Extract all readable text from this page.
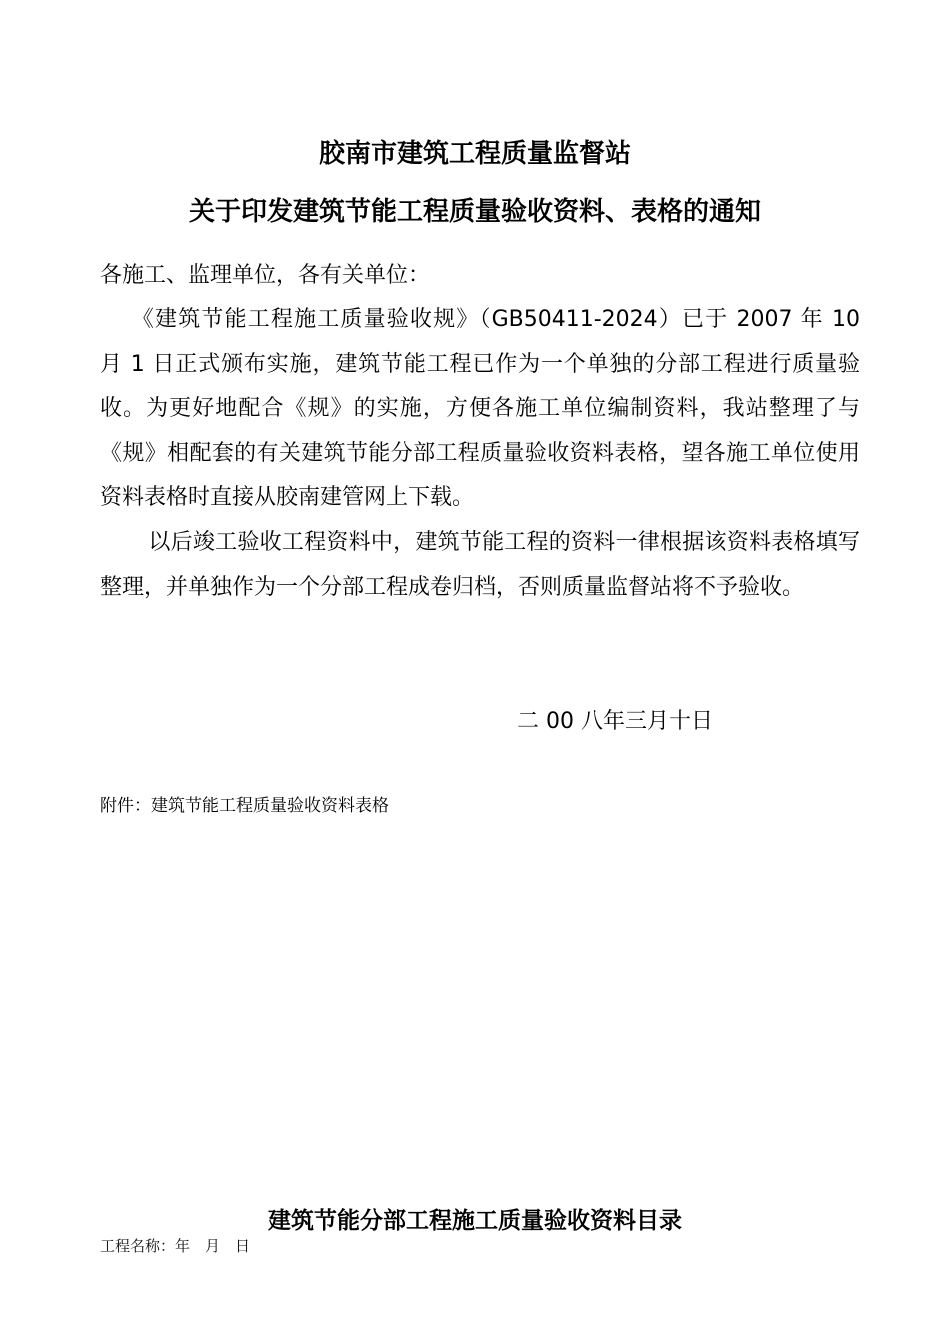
胶南市建筑工程质量监督站
关于印发建筑节能工程质量验收资料、表格的通知
各施工、监理单位，各有关单位：
《建筑节能工程施工质量验收规》（GB50411-2024）已于 2007 年 10 月 1 日正式颁布实施，建筑节能工程已作为一个单独的分部工程进行质量验收。为更好地配合《规》的实施，方便各施工单位编制资料，我站整理了与《规》相配套的有关建筑节能分部工程质量验收资料表格，望各施工单位使用资料表格时直接从胶南建管网上下载。
以后竣工验收工程资料中，建筑节能工程的资料一律根据该资料表格填写整理，并单独作为一个分部工程成卷归档，否则质量监督站将不予验收。
二 00 八年三月十日
附件：建筑节能工程质量验收资料表格
建筑节能分部工程施工质量验收资料目录
工程名称：年　月　日
